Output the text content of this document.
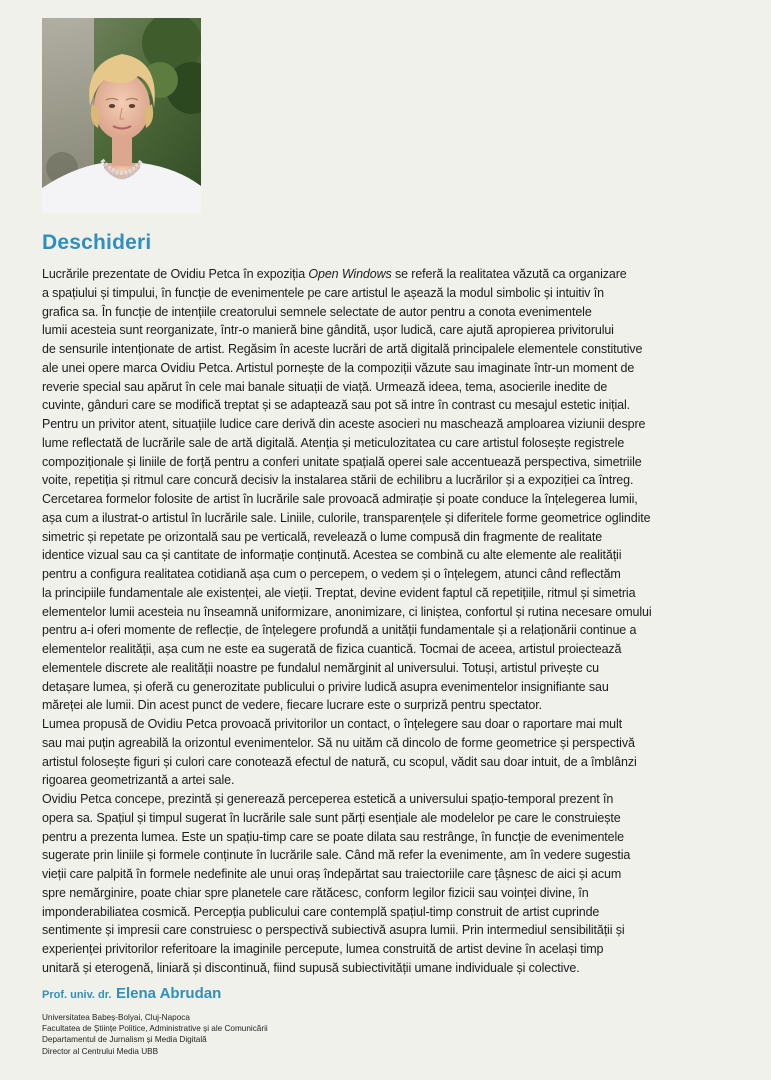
Deschideri
Lucrările prezentate de Ovidiu Petca în expoziția Open Windows se referă la realitatea văzută ca organizare
a spațiului și timpului, în funcție de evenimentele pe care artistul le așează la modul simbolic și intuitiv în
grafica sa. În funcție de intențiile creatorului semnele selectate de autor pentru a conota evenimentele
lumii acesteia sunt reorganizate, într-o manieră bine gândită, ușor ludică, care ajută apropierea privitorului
de sensurile intenționate de artist. Regăsim în aceste lucrări de artă digitală principalele elementele constitutive
ale unei opere marca Ovidiu Petca. Artistul pornește de la compoziții văzute sau imaginate într-un moment de
reverie special sau apărut în cele mai banale situații de viață. Urmează ideea, tema, asocierile inedite de
cuvinte, gânduri care se modifică treptat și se adaptează sau pot să intre în contrast cu mesajul estetic inițial.
Pentru un privitor atent, situațiile ludice care derivă din aceste asocieri nu maschează amploarea viziunii despre
lume reflectată de lucrările sale de artă digitală. Atenția și meticulozitatea cu care artistul folosește registrele
compoziționale și liniile de forță pentru a conferi unitate spațială operei sale accentuează perspectiva, simetriile
voite, repetiția și ritmul care concură decisiv la instalarea stării de echilibru a lucrărilor și a expoziției ca întreg.
Cercetarea formelor folosite de artist în lucrările sale provoacă admirație și poate conduce la înțelegerea lumii,
așa cum a ilustrat-o artistul în lucrările sale. Liniile, culorile, transparențele și diferitele forme geometrice oglindite
simetric și repetate pe orizontală sau pe verticală, revelează o lume compusă din fragmente de realitate
identice vizual sau ca și cantitate de informație conținută. Acestea se combină cu alte elemente ale realității
pentru a configura realitatea cotidiană așa cum o percepem, o vedem și o înțelegem, atunci când reflectăm
la principiile fundamentale ale existenței, ale vieții. Treptat, devine evident faptul că repetițiile, ritmul și simetria
elementelor lumii acesteia nu înseamnă uniformizare, anonimizare, ci liniștea, confortul și rutina necesare omului
pentru a-i oferi momente de reflecție, de înțelegere profundă a unității fundamentale și a relaționării continue a
elementelor realității, așa cum ne este ea sugerată de fizica cuantică. Tocmai de aceea, artistul proiectează
elementele discrete ale realității noastre pe fundalul nemărginit al universului. Totuși, artistul privește cu
detașare lumea, și oferă cu generozitate publicului o privire ludică asupra evenimentelor insignifiante sau
măreței ale lumii. Din acest punct de vedere, fiecare lucrare este o surpriză pentru spectator.
Lumea propusă de Ovidiu Petca provoacă privitorilor un contact, o înțelegere sau doar o raportare mai mult
sau mai puțin agreabilă la orizontul evenimentelor. Să nu uităm că dincolo de forme geometrice și perspectivă
artistul folosește figuri și culori care conotează efectul de natură, cu scopul, vădit sau doar intuit, de a îmblânzi
rigoarea geometrizantă a artei sale.
Ovidiu Petca concepe, prezintă și generează perceperea estetică a universului spațio-temporal prezent în
opera sa. Spațiul și timpul sugerat în lucrările sale sunt părți esențiale ale modelelor pe care le construiește
pentru a prezenta lumea. Este un spațiu-timp care se poate dilata sau restrânge, în funcție de evenimentele
sugerate prin liniile și formele conținute în lucrările sale. Când mă refer la evenimente, am în vedere sugestia
vieții care palpită în formele nedefinite ale unui oraș îndepărtat sau traiectoriile care țâșnesc de aici și acum
spre nemărginire, poate chiar spre planetele care rătăcesc, conform legilor fizicii sau voinței divine, în
imponderabiliatea cosmică. Percepția publicului care contemplă spațiul-timp construit de artist cuprinde
sentimente și impresii care construiesc o perspectivă subiectivă asupra lumii. Prin intermediul sensibilității și
experienței privitorilor referitoare la imaginile percepute, lumea construită de artist devine în același timp
unitară și eterogenă, liniară și discontinuă, fiind supusă subiectivității umane individuale și colective.
Prof. univ. dr. Elena Abrudan
Universitatea Babeș-Bolyai, Cluj-Napoca
Facultatea de Științe Politice, Administrative și ale Comunicării
Departamentul de Jurnalism și Media Digitală
Director al Centrului Media UBB
